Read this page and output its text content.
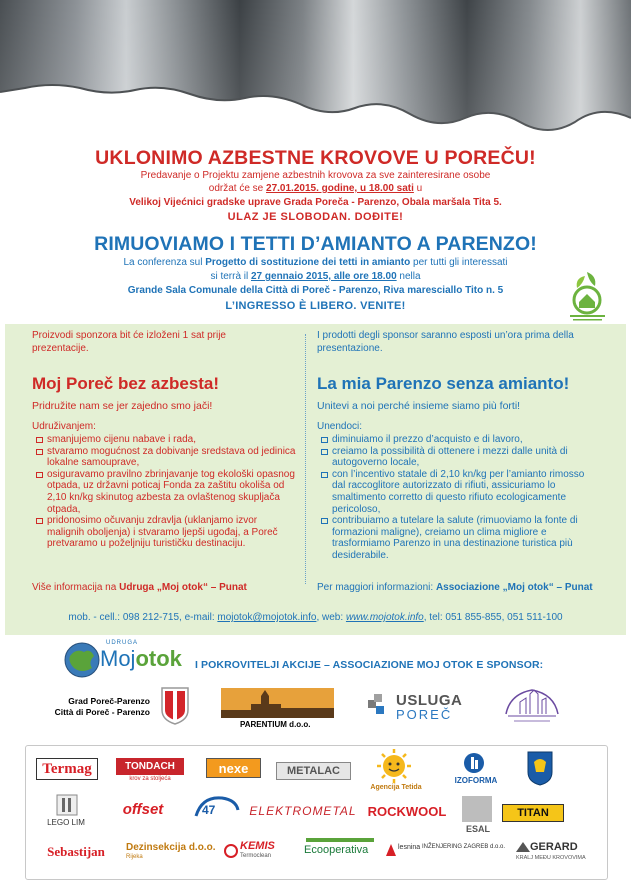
UKLONIMO AZBESTNE KROVOVE U POREČU!
Predavanje o Projektu zamjene azbestnih krovova za sve zainteresirane osobe
održat će se 27.01.2015. godine, u 18.00 sati u
Velikoj Vijećnici gradske uprave Grada Poreča - Parenzo, Obala maršala Tita 5.
ULAZ JE SLOBODAN. DOĐITE!
RIMUOVIAMO I TETTI D’AMIANTO A PARENZO!
La conferenza sul Progetto di sostituzione dei tetti in amianto per tutti gli interessati
si terrà il 27 gennaio 2015, alle ore 18.00 nella
Grande Sala Comunale della Città di Poreč - Parenzo, Riva maresciallo Tito n. 5
L’INGRESSO È LIBERO. VENITE!
Proizvodi sponzora bit će izloženi 1 sat prije prezentacije.
Moj Poreč bez azbesta!
Pridružite nam se jer zajedno smo jači!
Udruživanjem:
smanjujemo cijenu nabave i rada,
stvaramo mogućnost za dobivanje sredstava od jedinica lokalne samouprave,
osiguravamo pravilno zbrinjavanje tog ekološki opasnog otpada, uz državni poticaj Fonda za zaštitu okoliša od 2,10 kn/kg skinutog azbesta za ovlaštenog skupljača otpada,
pridonosimo očuvanju zdravlja (uklanjamo izvor malignih oboljenja) i stvaramo ljepši ugođaj, a Poreč pretvaramo u poželjniju turističku destinaciju.
Više informacija na Udruga „Moj otok“ – Punat
I prodotti degli sponsor saranno esposti un’ora prima della presentazione.
La mia Parenzo senza amianto!
Unitevi a noi perché insieme siamo più forti!
Unendoci:
diminuiamo il prezzo d’acquisto e di lavoro,
creiamo la possibilità di ottenere i mezzi dalle unità di autogoverno locale,
con l’incentivo statale di 2,10 kn/kg per l’amianto rimosso dal raccoglitore autorizzato di rifiuti, assicuriamo lo smaltimento corretto di questo rifiuto ecologicamente pericoloso,
contribuiamo a tutelare la salute (rimuoviamo la fonte di formazioni maligne), creiamo un clima migliore e trasformiamo Parenzo in una destinazione turistica più desiderabile.
Per maggiori informazioni: Associazione „Moj otok“ – Punat
mob. - cell.: 098 212-715, e-mail: mojotok@mojotok.info, web: www.mojotok.info, tel: 051 855-855, 051 511-100
UDRUGA
Mojotok I POKROVITELJI AKCIJE – ASSOCIAZIONE MOJ OTOK E SPONSOR:
Grad Poreč-Parenzo
Città di Poreč - Parenzo
PARENTIUM d.o.o.
USLUGA
POREČ
Termag	TONDACH
krov za stoljeća
nexe	METALAC
Agencija Tetida
IZOFORMA
LEGO LIM
offset	47	ELEKTROMETAL ROCKWOOL
ESAL
TITAN
Sebastijan	Dezinsekcija d.o.o.
Rijeka
KEMIS
Termoclean	Ecooperativa	lesnina INŽENJERING ZAGREB d.o.o. GERARD
KRALJ MEĐU KROVOVIMA
